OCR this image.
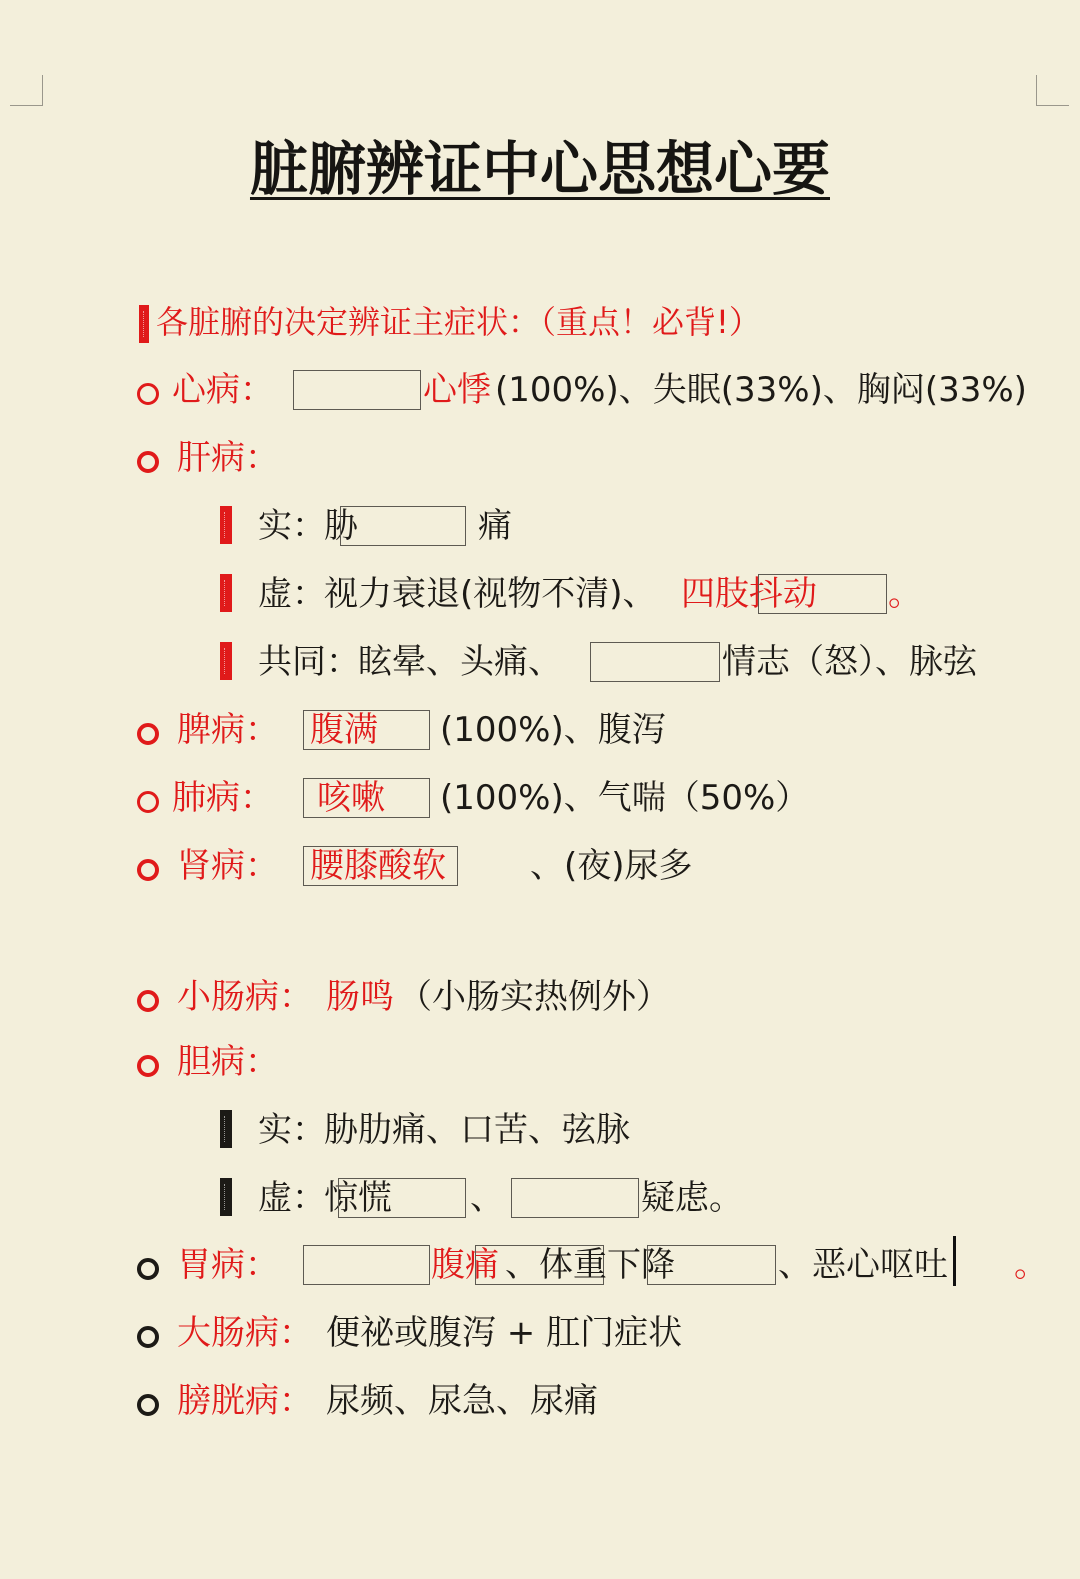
脏腑辨证中心思想心要
各脏腑的决定辨证主症状：（重点！必背!）
心病：	心悸 (100%)、失眠(33%)、胸闷(33%)
肝病：
实：
胁	痛
虚：
视力衰退(视物不清)、 四肢抖动 。
共同：
眩晕、头痛、	情志（怒）、脉弦
脾病： 腹满 (100%)、腹泻
肺病： 咳嗽 (100%)、气喘（50%）
肾病： 腰膝酸软 、(夜)尿多
小肠病： 肠鸣 （小肠实热例外）
胆病：
实：
胁肋痛、口苦、弦脉
虚：
惊慌 、	疑虑。
胃病：	腹痛 、体重下降	、恶心呕吐 。
大肠病： 便祕或腹泻 + 肛门症状
膀胱病： 尿频、尿急、尿痛
